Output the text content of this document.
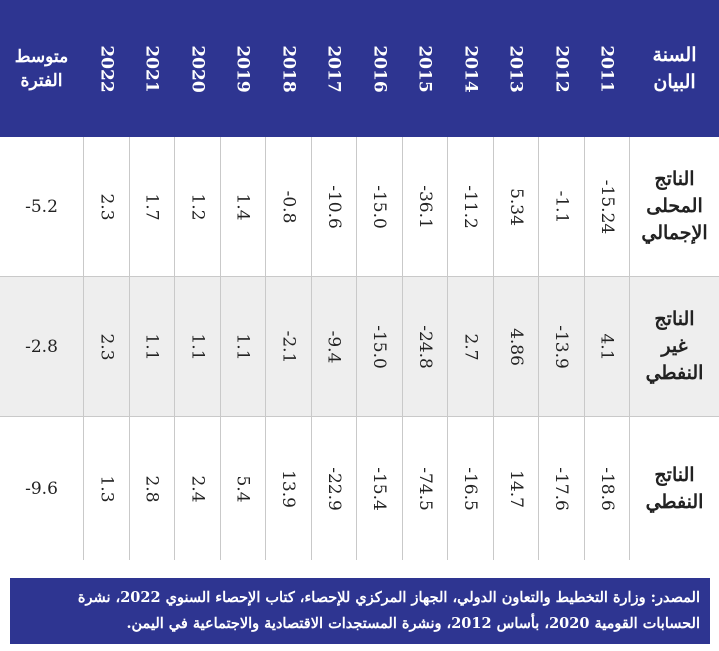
السنة
البيان
2011
2012
2013
2014
2015
2016
2017
2018
2019
2020
2021
2022
متوسط
الفترة
الناتج
المحلى
الإجمالي
-15.24
-1.1
5.34
-11.2
-36.1
-15.0
-10.6
-0.8
1.4
1.2
1.7
2.3
-5.2
الناتج
غير
النفطي
4.1
-13.9
4.86
2.7
-24.8
-15.0
-9.4
-2.1
1.1
1.1
1.1
2.3
-2.8
الناتج
النفطي
-18.6
-17.6
14.7
-16.5
-74.5
-15.4
-22.9
13.9
5.4
2.4
2.8
1.3
-9.6
المصدر: وزارة التخطيط والتعاون الدولي، الجهاز المركزي للإحصاء، كتاب الإحصاء السنوي 2022، نشرة الحسابات القومية 2020، بأساس 2012، ونشرة المستجدات الاقتصادية والاجتماعية في اليمن.
